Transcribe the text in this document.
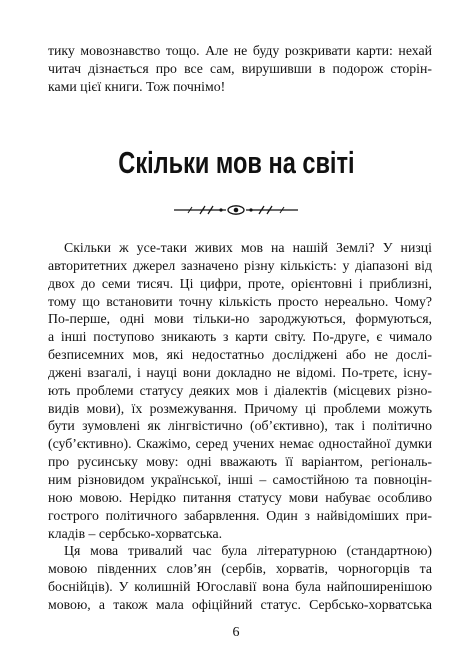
тику мовознавство тощо. Але не буду розкривати карти: нехай
читач дізнається про все сам, вирушивши в подорож сторін-
ками цієї книги. Тож почнімо!
Скільки мов на світі
Скільки ж усе-таки живих мов на нашій Землі? У низці
авторитетних джерел зазначено різну кількість: у діапазоні від
двох до семи тисяч. Ці цифри, проте, орієнтовні і приблизні,
тому що встановити точну кількість просто нереально. Чому?
По-перше, одні мови тільки-но зароджуються, формуються,
а інші поступово зникають з карти світу. По-друге, є чимало
безписемних мов, які недостатньо досліджені або не дослі-
джені взагалі, і науці вони докладно не відомі. По-третє, існу-
ють проблеми статусу деяких мов і діалектів (місцевих різно-
видів мови), їх розмежування. Причому ці проблеми можуть
бути зумовлені як лінгвістично (об’єктивно), так і політично
(суб’єктивно). Скажімо, серед учених немає одностайної думки
про русинську мову: одні вважають її варіантом, регіональ-
ним різновидом української, інші – самостійною та повноцін-
ною мовою. Нерідко питання статусу мови набуває особливо
гострого політичного забарвлення. Один з найвідоміших при-
кладів – сербсько-хорватська.
Ця мова тривалий час була літературною (стандартною)
мовою південних слов’ян (сербів, хорватів, чорногорців та
боснійців). У колишній Югославії вона була найпоширенішою
мовою, а також мала офіційний статус. Сербсько-хорватська
6
